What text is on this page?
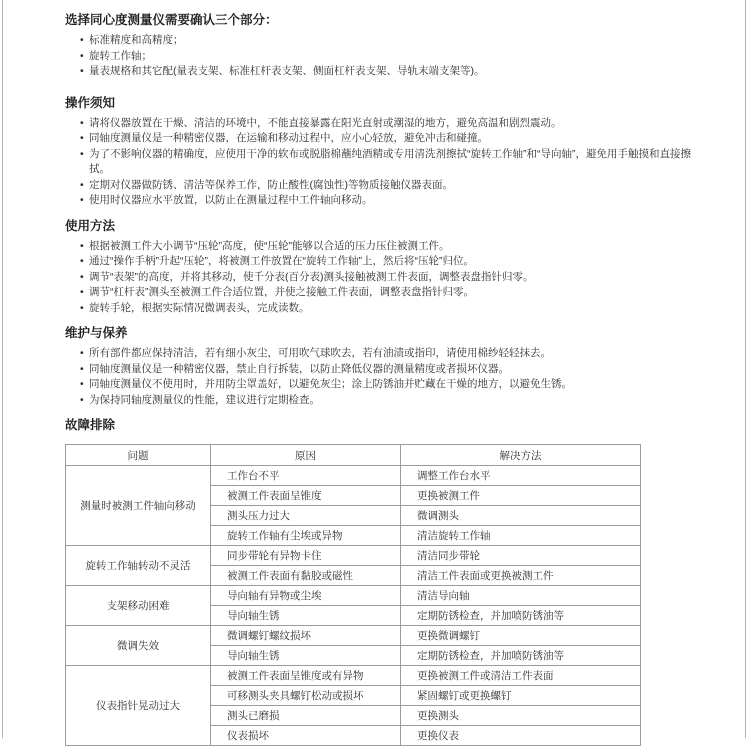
选择同心度测量仪需要确认三个部分：
• 标准精度和高精度；
• 旋转工作轴；
• 量表规格和其它配(量表支架、标准杠杆表支架、侧面杠杆表支架、导轨末端支架等)。
操作须知
• 请将仪器放置在干燥、清洁的环境中，不能直接暴露在阳光直射或潮湿的地方，避免高温和剧烈震动。
• 同轴度测量仪是一种精密仪器，在运输和移动过程中，应小心轻放，避免冲击和碰撞。
• 为了不影响仪器的精确度，应使用干净的软布或脱脂棉蘸纯酒精或专用清洗剂擦拭“旋转工作轴”和“导向轴”，避免用手触摸和直接擦拭。
• 定期对仪器做防锈、清洁等保养工作，防止酸性(腐蚀性)等物质接触仪器表面。
• 使用时仪器应水平放置，以防止在测量过程中工件轴向移动。
使用方法
• 根据被测工件大小调节“压轮”高度，使“压轮”能够以合适的压力压住被测工件。
• 通过“操作手柄”升起“压轮”，将被测工件放置在“旋转工作轴”上，然后将“压轮”归位。
• 调节“表架”的高度，并将其移动，使千分表(百分表)测头接触被测工件表面，调整表盘指针归零。
• 调节“杠杆表”测头至被测工件合适位置，并使之接触工件表面，调整表盘指针归零。
• 旋转手轮，根据实际情况微调表头，完成读数。
维护与保养
• 所有部件都应保持清洁，若有细小灰尘，可用吹气球吹去，若有油渍或指印，请使用棉纱轻轻抹去。
• 同轴度测量仪是一种精密仪器，禁止自行拆装，以防止降低仪器的测量精度或者损坏仪器。
• 同轴度测量仪不使用时，并用防尘罩盖好，以避免灰尘；涂上防锈油并贮藏在干燥的地方，以避免生锈。
• 为保持同轴度测量仪的性能，建议进行定期检查。
故障排除
问题	原因	解决方法
测量时被测工件轴向移动	工作台不平	调整工作台水平
	被测工件表面呈锥度	更换被测工件
	测头压力过大	微调测头
	旋转工作轴有尘埃或异物	清洁旋转工作轴
旋转工作轴转动不灵活	同步带轮有异物卡住	清洁同步带轮
	被测工件表面有黏胶或磁性	清洁工件表面或更换被测工件
支架移动困难	导向轴有异物或尘埃	清洁导向轴
	导向轴生锈	定期防锈检查，并加喷防锈油等
微调失效	微调螺钉螺纹损坏	更换微调螺钉
	导向轴生锈	定期防锈检查，并加喷防锈油等
仪表指针晃动过大	被测工件表面呈锥度或有异物	更换被测工件或清洁工件表面
	可移测头夹具螺钉松动或损坏	紧固螺钉或更换螺钉
	测头已磨损	更换测头
	仪表损坏	更换仪表
